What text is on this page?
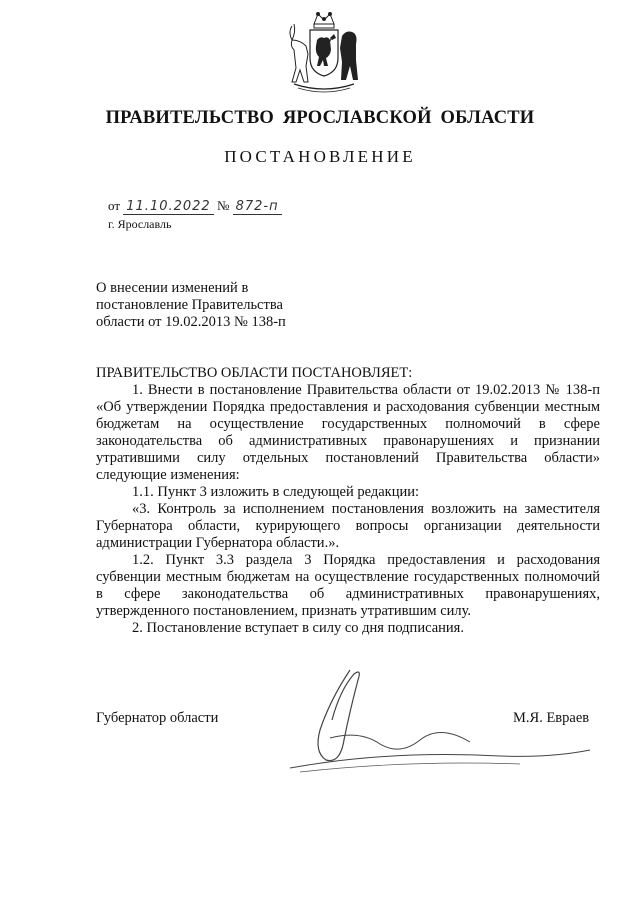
ПРАВИТЕЛЬСТВО ЯРОСЛАВСКОЙ ОБЛАСТИ
ПОСТАНОВЛЕНИЕ
от 11.10.2022 № 872-п
г. Ярославль
О внесении изменений в
постановление Правительства
области от 19.02.2013 № 138-п

ПРАВИТЕЛЬСТВО ОБЛАСТИ ПОСТАНОВЛЯЕТ:

1. Внести в постановление Правительства области от 19.02.2013 № 138-п «Об утверждении Порядка предоставления и расходования субвенции местным бюджетам на осуществление государственных полномочий в сфере законодательства об административных правонарушениях и признании утратившими силу отдельных постановлений Правительства области» следующие изменения:

1.1. Пункт 3 изложить в следующей редакции:

«3. Контроль за исполнением постановления возложить на заместителя Губернатора области, курирующего вопросы организации деятельности администрации Губернатора области.».

1.2. Пункт 3.3 раздела 3 Порядка предоставления и расходования субвенции местным бюджетам на осуществление государственных полномочий в сфере законодательства об административных правонарушениях, утвержденного постановлением, признать утратившим силу.

2. Постановление вступает в силу со дня подписания.

Губернатор области	М.Я. Евраев
